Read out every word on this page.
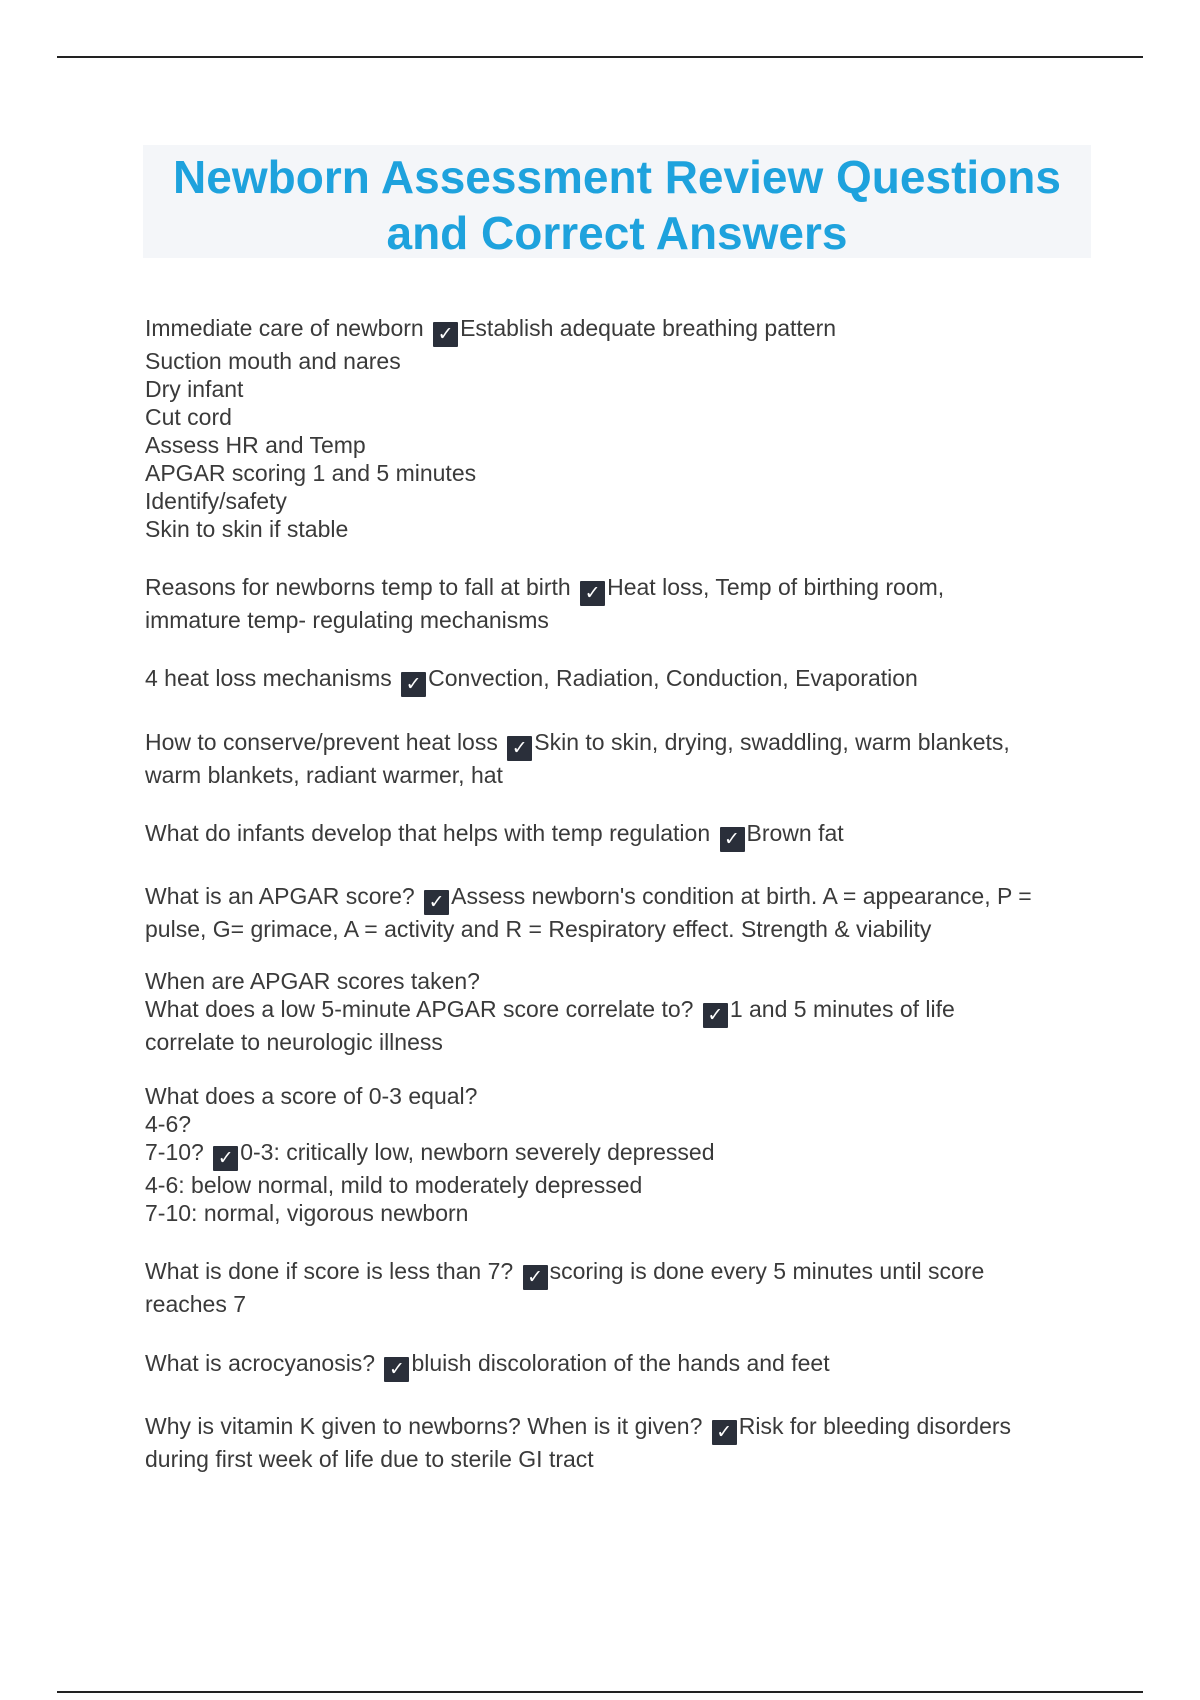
Newborn Assessment Review Questions
and Correct Answers
Immediate care of newborn ✓ Establish adequate breathing pattern
Suction mouth and nares
Dry infant
Cut cord
Assess HR and Temp
APGAR scoring 1 and 5 minutes
Identify/safety
Skin to skin if stable
Reasons for newborns temp to fall at birth ✓ Heat loss, Temp of birthing room,
immature temp- regulating mechanisms
4 heat loss mechanisms ✓ Convection, Radiation, Conduction, Evaporation
How to conserve/prevent heat loss ✓ Skin to skin, drying, swaddling, warm blankets,
warm blankets, radiant warmer, hat
What do infants develop that helps with temp regulation ✓ Brown fat
What is an APGAR score? ✓ Assess newborn's condition at birth. A = appearance, P =
pulse, G= grimace, A = activity and R = Respiratory effect. Strength & viability
When are APGAR scores taken?
What does a low 5-minute APGAR score correlate to? ✓ 1 and 5 minutes of life
correlate to neurologic illness
What does a score of 0-3 equal?
4-6?
7-10? ✓ 0-3: critically low, newborn severely depressed
4-6: below normal, mild to moderately depressed
7-10: normal, vigorous newborn
What is done if score is less than 7? ✓ scoring is done every 5 minutes until score
reaches 7
What is acrocyanosis? ✓ bluish discoloration of the hands and feet
Why is vitamin K given to newborns? When is it given? ✓ Risk for bleeding disorders
during first week of life due to sterile GI tract
